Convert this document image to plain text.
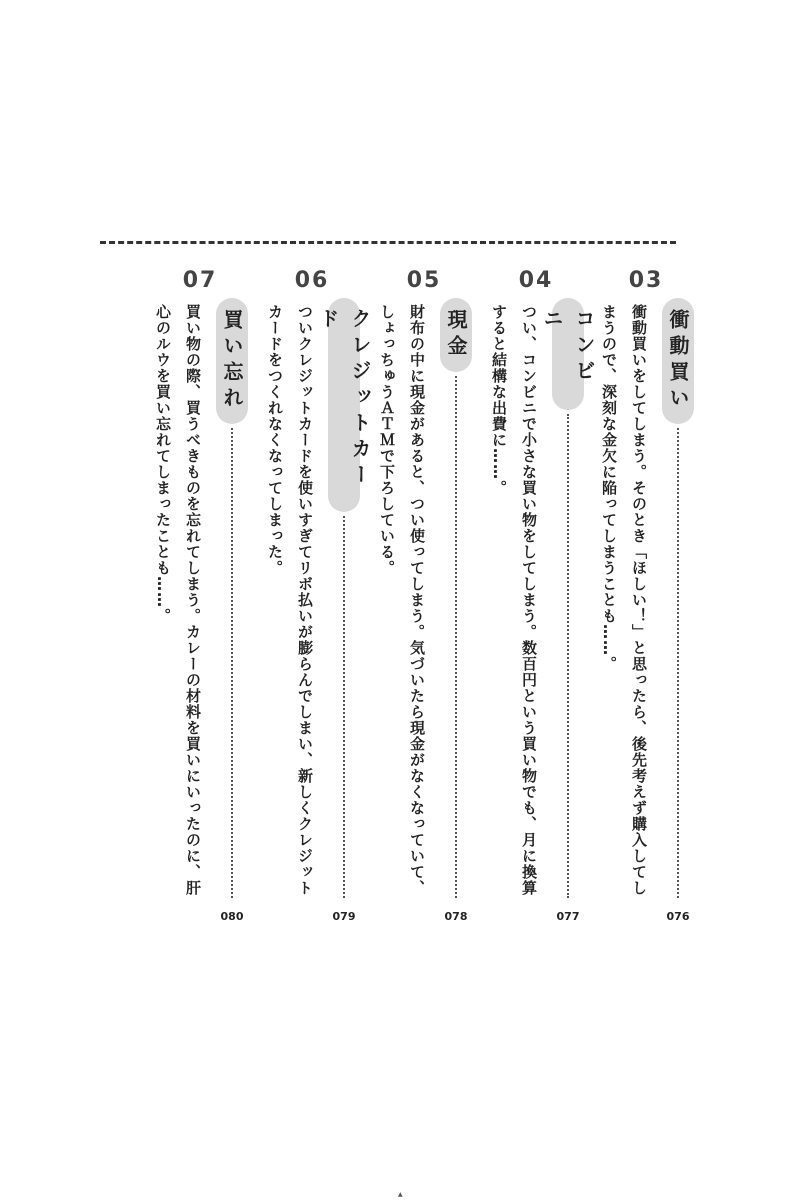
03
衝動買い
076
衝動買いをしてしまう。そのとき「ほしい！」と思ったら、後先考えず購入してしまうので、深刻な金欠に陥ってしまうことも……。
04
コンビニ
077
つい、コンビニで小さな買い物をしてしまう。数百円という買い物でも、月に換算すると結構な出費に……。
05
現金
078
財布の中に現金があると、つい使ってしまう。気づいたら現金がなくなっていて、しょっちゅうＡＴＭで下ろしている。
06
クレジットカード
079
ついクレジットカードを使いすぎてリボ払いが膨らんでしまい、新しくクレジットカードをつくれなくなってしまった。
07
買い忘れ
080
買い物の際、買うべきものを忘れてしまう。カレーの材料を買いにいったのに、肝心のルウを買い忘れてしまったことも……。
▲
